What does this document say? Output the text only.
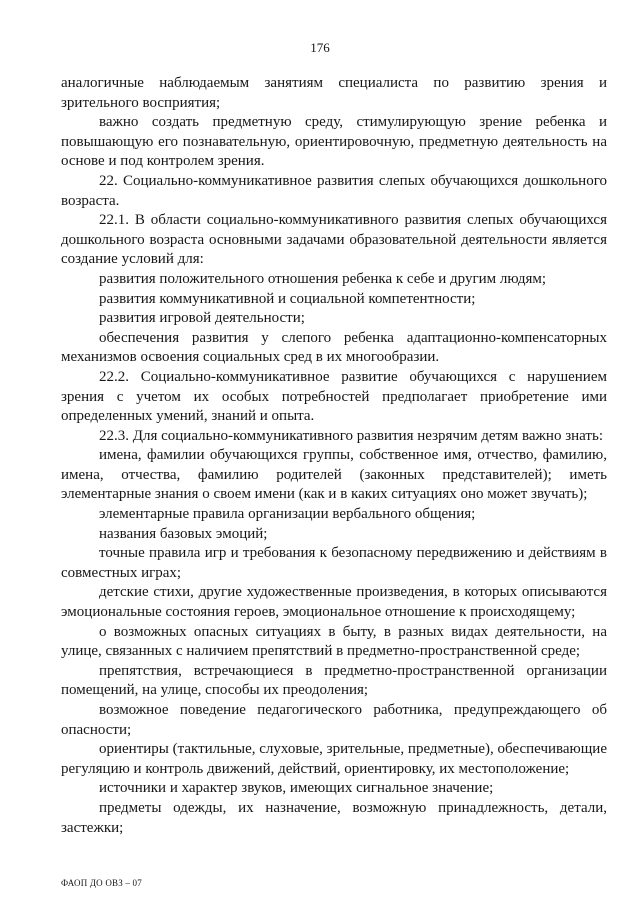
176

аналогичные наблюдаемым занятиям специалиста по развитию зрения и зрительного восприятия;

важно создать предметную среду, стимулирующую зрение ребенка и повышающую его познавательную, ориентировочную, предметную деятельность на основе и под контролем зрения.

22. Социально-коммуникативное развития слепых обучающихся дошкольного возраста.

22.1. В области социально-коммуникативного развития слепых обучающихся дошкольного возраста основными задачами образовательной деятельности является создание условий для:

развития положительного отношения ребенка к себе и другим людям;

развития коммуникативной и социальной компетентности;

развития игровой деятельности;

обеспечения развития у слепого ребенка адаптационно-компенсаторных механизмов освоения социальных сред в их многообразии.

22.2. Социально-коммуникативное развитие обучающихся с нарушением зрения с учетом их особых потребностей предполагает приобретение ими определенных умений, знаний и опыта.

22.3. Для социально-коммуникативного развития незрячим детям важно знать:

имена, фамилии обучающихся группы, собственное имя, отчество, фамилию, имена, отчества, фамилию родителей (законных представителей); иметь элементарные знания о своем имени (как и в каких ситуациях оно может звучать);

элементарные правила организации вербального общения;

названия базовых эмоций;

точные правила игр и требования к безопасному передвижению и действиям в совместных играх;

детские стихи, другие художественные произведения, в которых описываются эмоциональные состояния героев, эмоциональное отношение к происходящему;

о возможных опасных ситуациях в быту, в разных видах деятельности, на улице, связанных с наличием препятствий в предметно-пространственной среде;

препятствия, встречающиеся в предметно-пространственной организации помещений, на улице, способы их преодоления;

возможное поведение педагогического работника, предупреждающего об опасности;

ориентиры (тактильные, слуховые, зрительные, предметные), обеспечивающие регуляцию и контроль движений, действий, ориентировку, их местоположение;

источники и характер звуков, имеющих сигнальное значение;

предметы одежды, их назначение, возможную принадлежность, детали, застежки;

ФАОП ДО ОВЗ – 07
